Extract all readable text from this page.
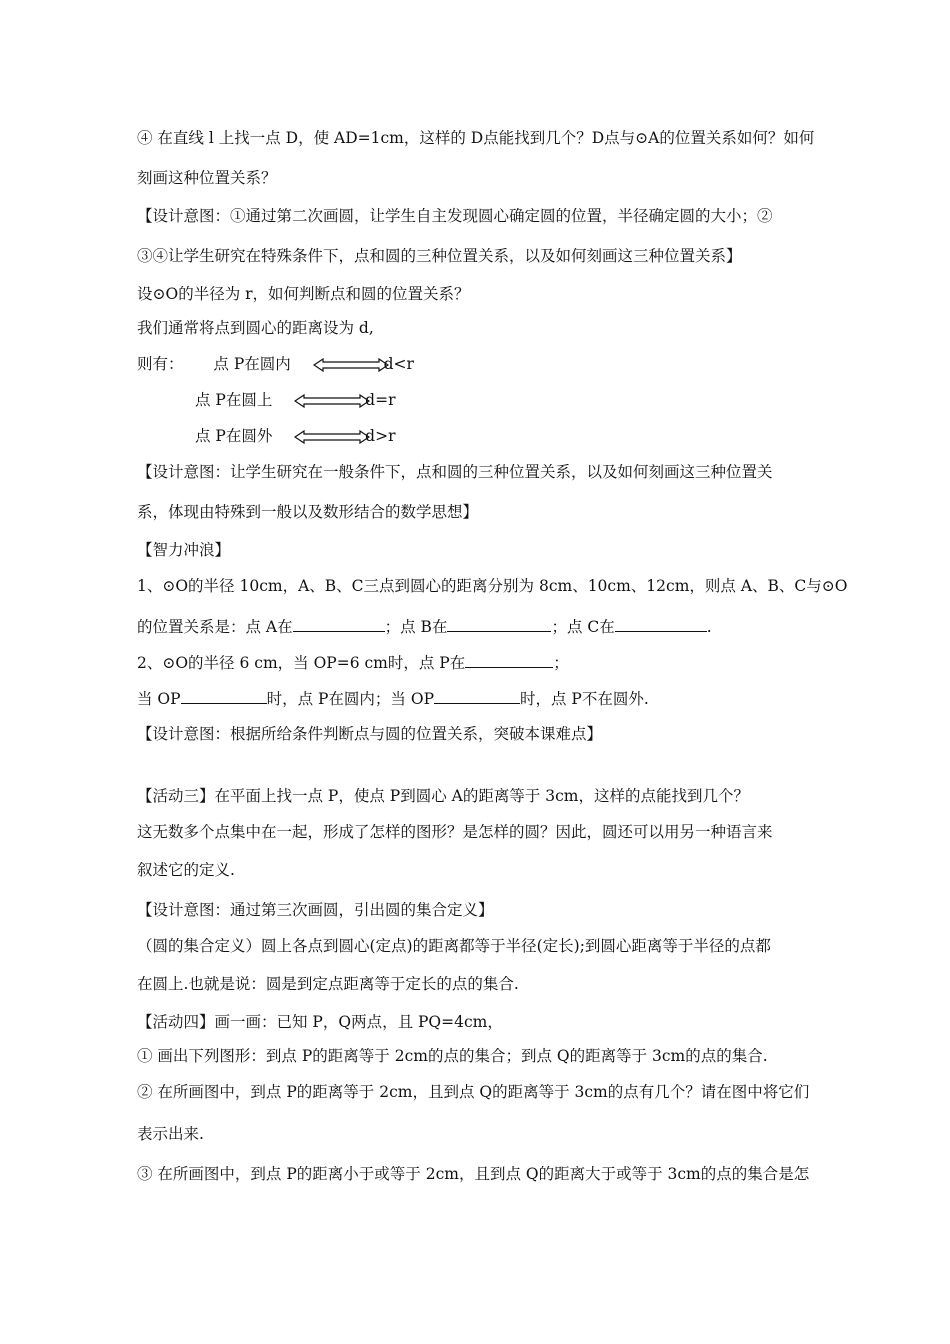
④ 在直线 l 上找一点 D，使 AD=1cm，这样的 D点能找到几个？D点与⊙A的位置关系如何？如何
刻画这种位置关系？
【设计意图：①通过第二次画圆，让学生自主发现圆心确定圆的位置，半径确定圆的大小；②
③④让学生研究在特殊条件下，点和圆的三种位置关系，以及如何刻画这三种位置关系】
设⊙O的半径为 r，如何判断点和圆的位置关系？
我们通常将点到圆心的距离设为 d,
则有： 点 P在圆内	d<r
点 P在圆上	d=r
点 P在圆外	d>r
【设计意图：让学生研究在一般条件下，点和圆的三种位置关系，以及如何刻画这三种位置关
系，体现由特殊到一般以及数形结合的数学思想】
【智力冲浪】
1、⊙O的半径 10cm，A、B、C三点到圆心的距离分别为 8cm、10cm、12cm，则点 A、B、C与⊙O
的位置关系是：点 A在	；点 B在	；点 C在	.
2、⊙O的半径 6 cm，当 OP=6 cm时，点 P在	；
当 OP	时，点 P在圆内；当 OP	时，点 P不在圆外.
【设计意图：根据所给条件判断点与圆的位置关系，突破本课难点】
【活动三】在平面上找一点 P，使点 P到圆心 A的距离等于 3cm，这样的点能找到几个？
这无数多个点集中在一起，形成了怎样的图形？是怎样的圆？因此，圆还可以用另一种语言来
叙述它的定义.
【设计意图：通过第三次画圆，引出圆的集合定义】
（圆的集合定义）圆上各点到圆心(定点)的距离都等于半径(定长);到圆心距离等于半径的点都
在圆上.也就是说：圆是到定点距离等于定长的点的集合.
【活动四】画一画：已知 P，Q两点，且 PQ=4cm，
① 画出下列图形：到点 P的距离等于 2cm的点的集合；到点 Q的距离等于 3cm的点的集合.
② 在所画图中，到点 P的距离等于 2cm，且到点 Q的距离等于 3cm的点有几个？请在图中将它们
表示出来.
③ 在所画图中，到点 P的距离小于或等于 2cm，且到点 Q的距离大于或等于 3cm的点的集合是怎
